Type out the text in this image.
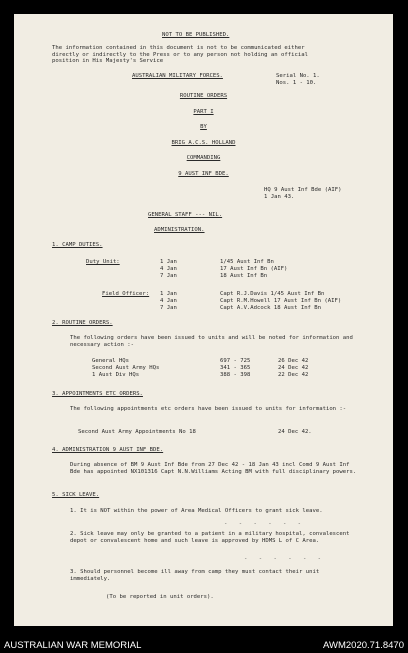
NOT TO BE PUBLISHED.
The information contained in this document is not to be communicated either directly or indirectly to the Press or to any person not holding an official position in His Majesty's Service
AUSTRALIAN MILITARY FORCES.	Serial No. 1.
Nos. 1 - 10.
ROUTINE ORDERS
PART I
BY
BRIG A.C.S. HOLLAND
COMMANDING
9 AUST INF BDE.
HQ 9 Aust Inf Bde (AIF)
1 Jan 43.
GENERAL STAFF --- NIL.
ADMINISTRATION.
1. CAMP DUTIES.
Duty Unit:	1 Jan	1/45 Aust Inf Bn
4 Jan	17 Aust Inf Bn (AIF)
7 Jan	18 Aust Inf Bn
Field Officer: 1 Jan	Capt R.J.Davis 1/45 Aust Inf Bn
4 Jan	Capt R.M.Howell 17 Aust Inf Bn (AIF)
7 Jan	Capt A.V.Adcock 18 Aust Inf Bn
2. ROUTINE ORDERS.
The following orders have been issued to units and will be noted for information and necessary action :-
General HQs	697 - 725	26 Dec 42
Second Aust Army HQs	341 - 365	24 Dec 42
1 Aust Div HQs	388 - 398	22 Dec 42
3. APPOINTMENTS ETC ORDERS.
The following appointments etc orders have been issued to units for information :-
Second Aust Army Appointments No 18	24 Dec 42.
4. ADMINISTRATION 9 AUST INF BDE.
During absence of BM 9 Aust Inf Bde from 27 Dec 42 - 18 Jan 43 incl Comd 9 Aust Inf Bde has appointed NX101316 Capt N.N.Williams Acting BM with full disciplinary powers.
5. SICK LEAVE.
1. It is NOT within the power of Area Medical Officers to grant sick leave.
- - - - - -
2. Sick leave may only be granted to a patient in a military hospital, convalescent depot or convalescent home and such leave is approved by HDMS L of C Area.
- - - - - -
3. Should personnel become ill away from camp they must contact their unit immediately.
(To be reported in unit orders).
AUSTRALIAN WAR MEMORIAL	AWM2020.71.8470
